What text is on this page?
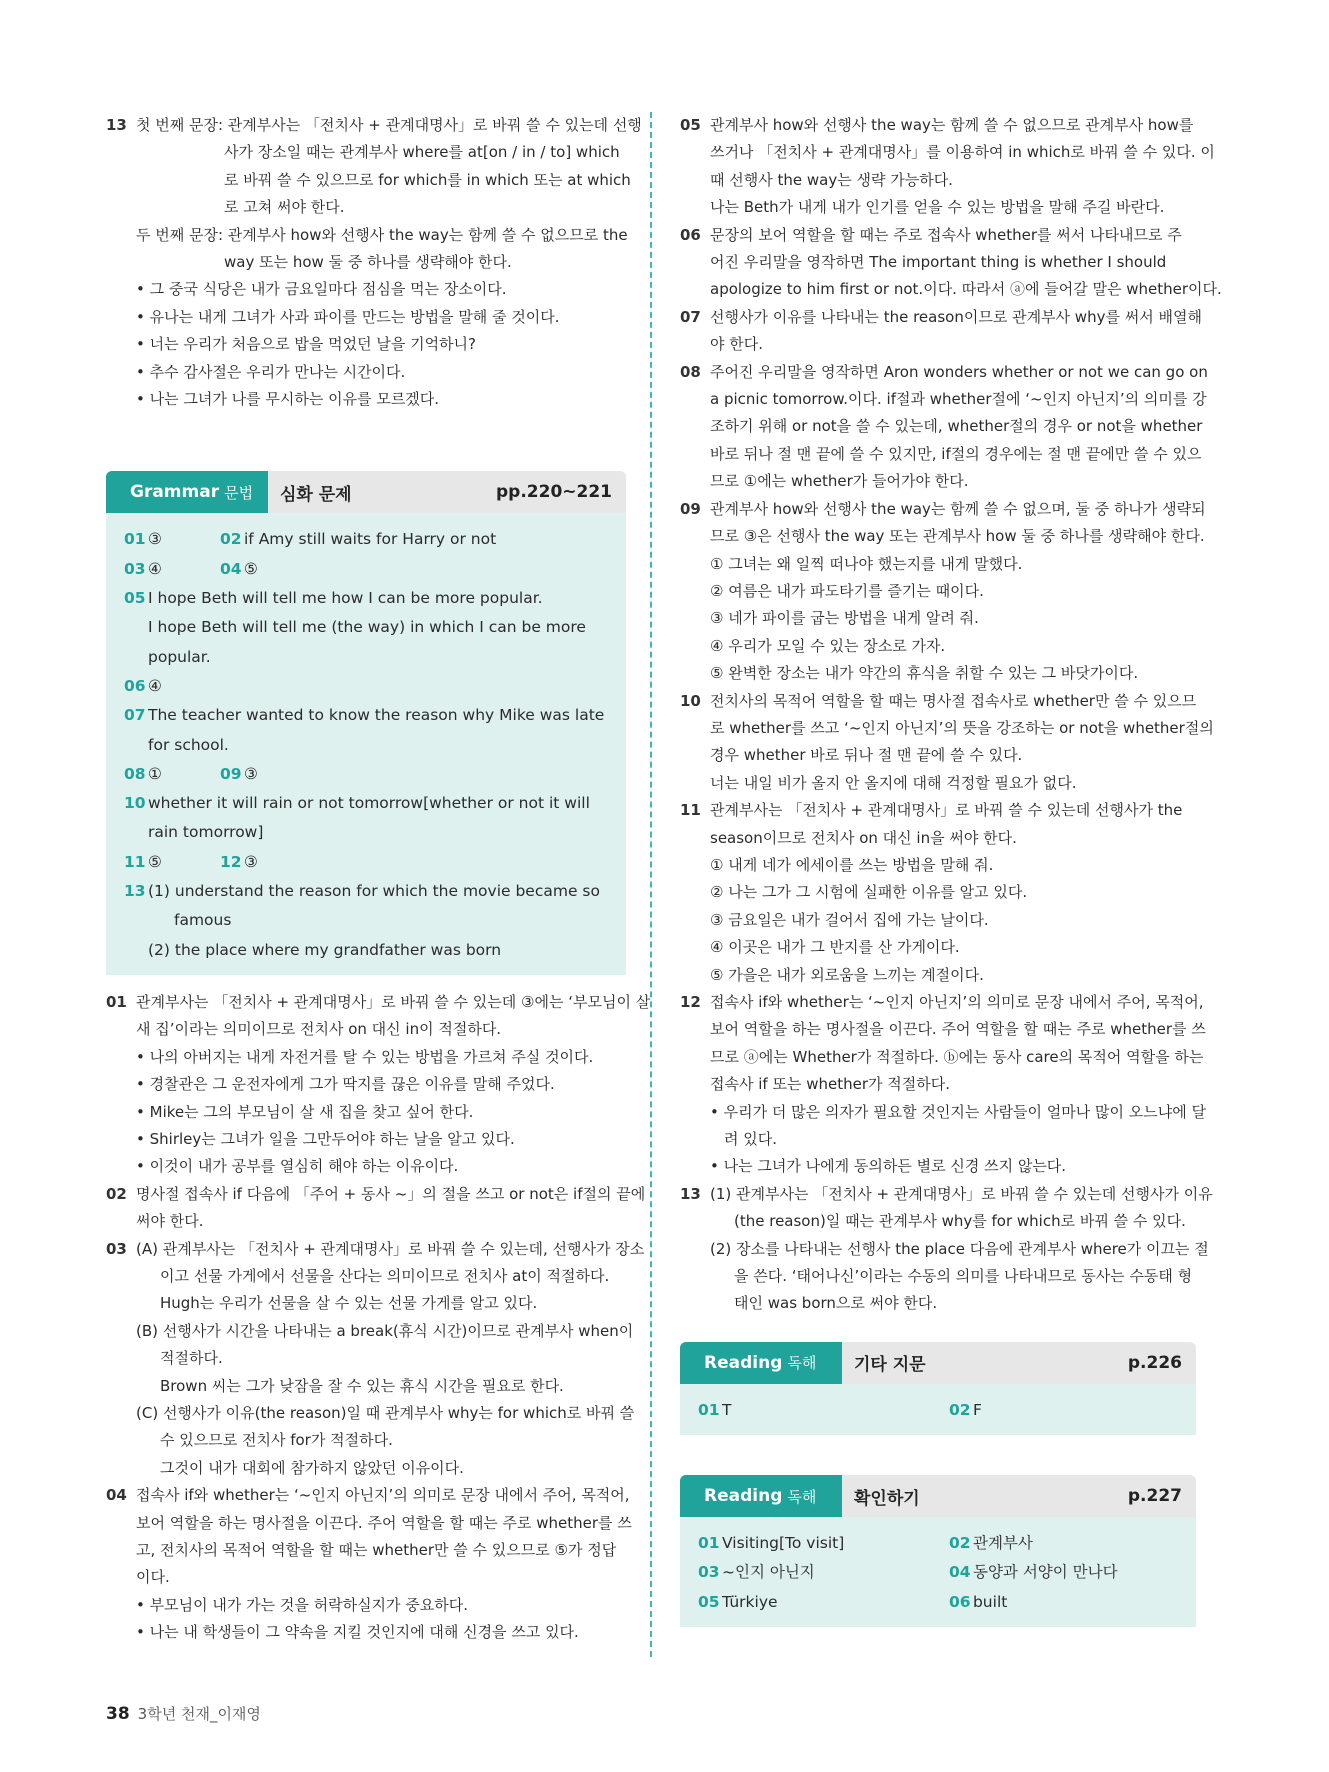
13 첫 번째 문장: 관계부사는 「전치사 + 관계대명사」로 바꿔 쓸 수 있는데 선행
사가 장소일 때는 관계부사 where를 at[on / in / to] which
로 바꿔 쓸 수 있으므로 for which를 in which 또는 at which
로 고쳐 써야 한다.
두 번째 문장: 관계부사 how와 선행사 the way는 함께 쓸 수 없으므로 the
way 또는 how 둘 중 하나를 생략해야 한다.
• 그 중국 식당은 내가 금요일마다 점심을 먹는 장소이다.
• 유나는 내게 그녀가 사과 파이를 만드는 방법을 말해 줄 것이다.
• 너는 우리가 처음으로 밥을 먹었던 날을 기억하니?
• 추수 감사절은 우리가 만나는 시간이다.
• 나는 그녀가 나를 무시하는 이유를 모르겠다.
Grammar 문법	심화 문제	pp.220~221
01 ③	02 if Amy still waits for Harry or not
03 ④	04 ⑤
05 I hope Beth will tell me how I can be more popular.
I hope Beth will tell me (the way) in which I can be more
popular.
06 ④
07 The teacher wanted to know the reason why Mike was late
for school.
08 ①	09 ③
10 whether it will rain or not tomorrow[whether or not it will
rain tomorrow]
11 ⑤	12 ③
13 (1) understand the reason for which the movie became so
famous
(2) the place where my grandfather was born
01 관계부사는 「전치사 + 관계대명사」로 바꿔 쓸 수 있는데 ③에는 ‘부모님이 살
새 집’이라는 의미이므로 전치사 on 대신 in이 적절하다.
• 나의 아버지는 내게 자전거를 탈 수 있는 방법을 가르쳐 주실 것이다.
• 경찰관은 그 운전자에게 그가 딱지를 끊은 이유를 말해 주었다.
• Mike는 그의 부모님이 살 새 집을 찾고 싶어 한다.
• Shirley는 그녀가 일을 그만두어야 하는 날을 알고 있다.
• 이것이 내가 공부를 열심히 해야 하는 이유이다.
02 명사절 접속사 if 다음에 「주어 + 동사 ~」의 절을 쓰고 or not은 if절의 끝에
써야 한다.
03 (A) 관계부사는 「전치사 + 관계대명사」로 바꿔 쓸 수 있는데, 선행사가 장소
이고 선물 가게에서 선물을 산다는 의미이므로 전치사 at이 적절하다.
Hugh는 우리가 선물을 살 수 있는 선물 가게를 알고 있다.
(B) 선행사가 시간을 나타내는 a break(휴식 시간)이므로 관계부사 when이
적절하다.
Brown 씨는 그가 낮잠을 잘 수 있는 휴식 시간을 필요로 한다.
(C) 선행사가 이유(the reason)일 때 관계부사 why는 for which로 바꿔 쓸
수 있으므로 전치사 for가 적절하다.
그것이 내가 대회에 참가하지 않았던 이유이다.
04 접속사 if와 whether는 ‘~인지 아닌지’의 의미로 문장 내에서 주어, 목적어,
보어 역할을 하는 명사절을 이끈다. 주어 역할을 할 때는 주로 whether를 쓰
고, 전치사의 목적어 역할을 할 때는 whether만 쓸 수 있으므로 ⑤가 정답
이다.
• 부모님이 내가 가는 것을 허락하실지가 중요하다.
• 나는 내 학생들이 그 약속을 지킬 것인지에 대해 신경을 쓰고 있다.
05 관계부사 how와 선행사 the way는 함께 쓸 수 없으므로 관계부사 how를
쓰거나 「전치사 + 관계대명사」를 이용하여 in which로 바꿔 쓸 수 있다. 이
때 선행사 the way는 생략 가능하다.
나는 Beth가 내게 내가 인기를 얻을 수 있는 방법을 말해 주길 바란다.
06 문장의 보어 역할을 할 때는 주로 접속사 whether를 써서 나타내므로 주
어진 우리말을 영작하면 The important thing is whether I should
apologize to him first or not.이다. 따라서 ⓐ에 들어갈 말은 whether이다.
07 선행사가 이유를 나타내는 the reason이므로 관계부사 why를 써서 배열해
야 한다.
08 주어진 우리말을 영작하면 Aron wonders whether or not we can go on
a picnic tomorrow.이다. if절과 whether절에 ‘~인지 아닌지’의 의미를 강
조하기 위해 or not을 쓸 수 있는데, whether절의 경우 or not을 whether
바로 뒤나 절 맨 끝에 쓸 수 있지만, if절의 경우에는 절 맨 끝에만 쓸 수 있으
므로 ①에는 whether가 들어가야 한다.
09 관계부사 how와 선행사 the way는 함께 쓸 수 없으며, 둘 중 하나가 생략되
므로 ③은 선행사 the way 또는 관계부사 how 둘 중 하나를 생략해야 한다.
① 그녀는 왜 일찍 떠나야 했는지를 내게 말했다.
② 여름은 내가 파도타기를 즐기는 때이다.
③ 네가 파이를 굽는 방법을 내게 알려 줘.
④ 우리가 모일 수 있는 장소로 가자.
⑤ 완벽한 장소는 내가 약간의 휴식을 취할 수 있는 그 바닷가이다.
10 전치사의 목적어 역할을 할 때는 명사절 접속사로 whether만 쓸 수 있으므
로 whether를 쓰고 ‘~인지 아닌지’의 뜻을 강조하는 or not을 whether절의
경우 whether 바로 뒤나 절 맨 끝에 쓸 수 있다.
너는 내일 비가 올지 안 올지에 대해 걱정할 필요가 없다.
11 관계부사는 「전치사 + 관계대명사」로 바꿔 쓸 수 있는데 선행사가 the
season이므로 전치사 on 대신 in을 써야 한다.
① 내게 네가 에세이를 쓰는 방법을 말해 줘.
② 나는 그가 그 시험에 실패한 이유를 알고 있다.
③ 금요일은 내가 걸어서 집에 가는 날이다.
④ 이곳은 내가 그 반지를 산 가게이다.
⑤ 가을은 내가 외로움을 느끼는 계절이다.
12 접속사 if와 whether는 ‘~인지 아닌지’의 의미로 문장 내에서 주어, 목적어,
보어 역할을 하는 명사절을 이끈다. 주어 역할을 할 때는 주로 whether를 쓰
므로 ⓐ에는 Whether가 적절하다. ⓑ에는 동사 care의 목적어 역할을 하는
접속사 if 또는 whether가 적절하다.
• 우리가 더 많은 의자가 필요할 것인지는 사람들이 얼마나 많이 오느냐에 달
려 있다.
• 나는 그녀가 나에게 동의하든 별로 신경 쓰지 않는다.
13 (1) 관계부사는 「전치사 + 관계대명사」로 바꿔 쓸 수 있는데 선행사가 이유
(the reason)일 때는 관계부사 why를 for which로 바꿔 쓸 수 있다.
(2) 장소를 나타내는 선행사 the place 다음에 관계부사 where가 이끄는 절
을 쓴다. ‘태어나신’이라는 수동의 의미를 나타내므로 동사는 수동태 형
태인 was born으로 써야 한다.
Reading 독해	기타 지문	p.226
01 T	02 F
Reading 독해	확인하기	p.227
01 Visiting[To visit]	02 관계부사
03 ~인지 아닌지	04 동양과 서양이 만나다
05 Türkiye	06 built
38 3학년 천재_이재영
